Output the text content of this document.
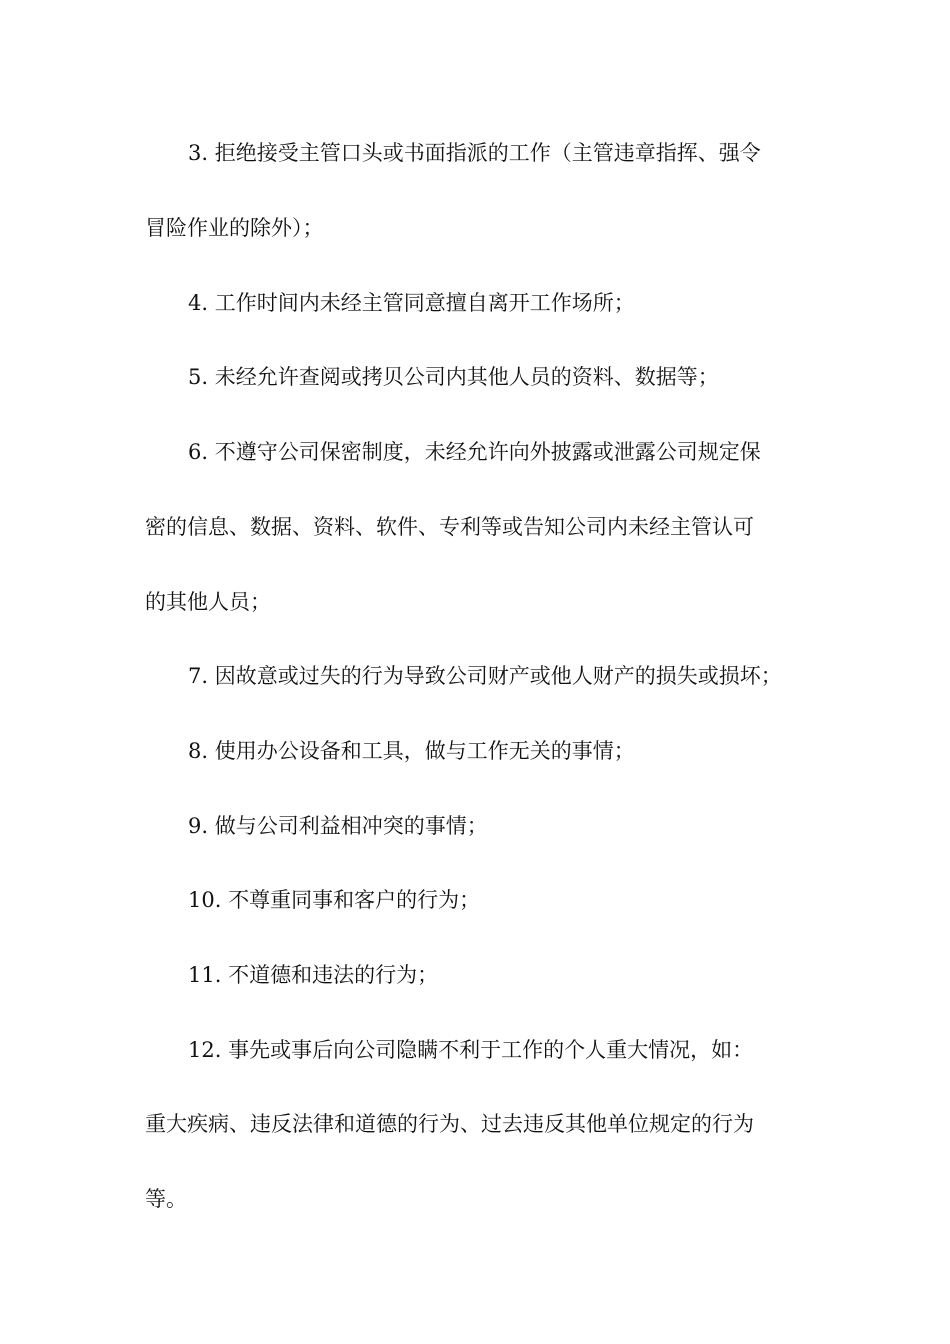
3. 拒绝接受主管口头或书面指派的工作（主管违章指挥、强令
冒险作业的除外）；
4. 工作时间内未经主管同意擅自离开工作场所；
5. 未经允许查阅或拷贝公司内其他人员的资料、数据等；
6. 不遵守公司保密制度，未经允许向外披露或泄露公司规定保
密的信息、数据、资料、软件、专利等或告知公司内未经主管认可
的其他人员；
7. 因故意或过失的行为导致公司财产或他人财产的损失或损坏；
8. 使用办公设备和工具，做与工作无关的事情；
9. 做与公司利益相冲突的事情；
10. 不尊重同事和客户的行为；
11. 不道德和违法的行为；
12. 事先或事后向公司隐瞒不利于工作的个人重大情况，如：
重大疾病、违反法律和道德的行为、过去违反其他单位规定的行为
等。
